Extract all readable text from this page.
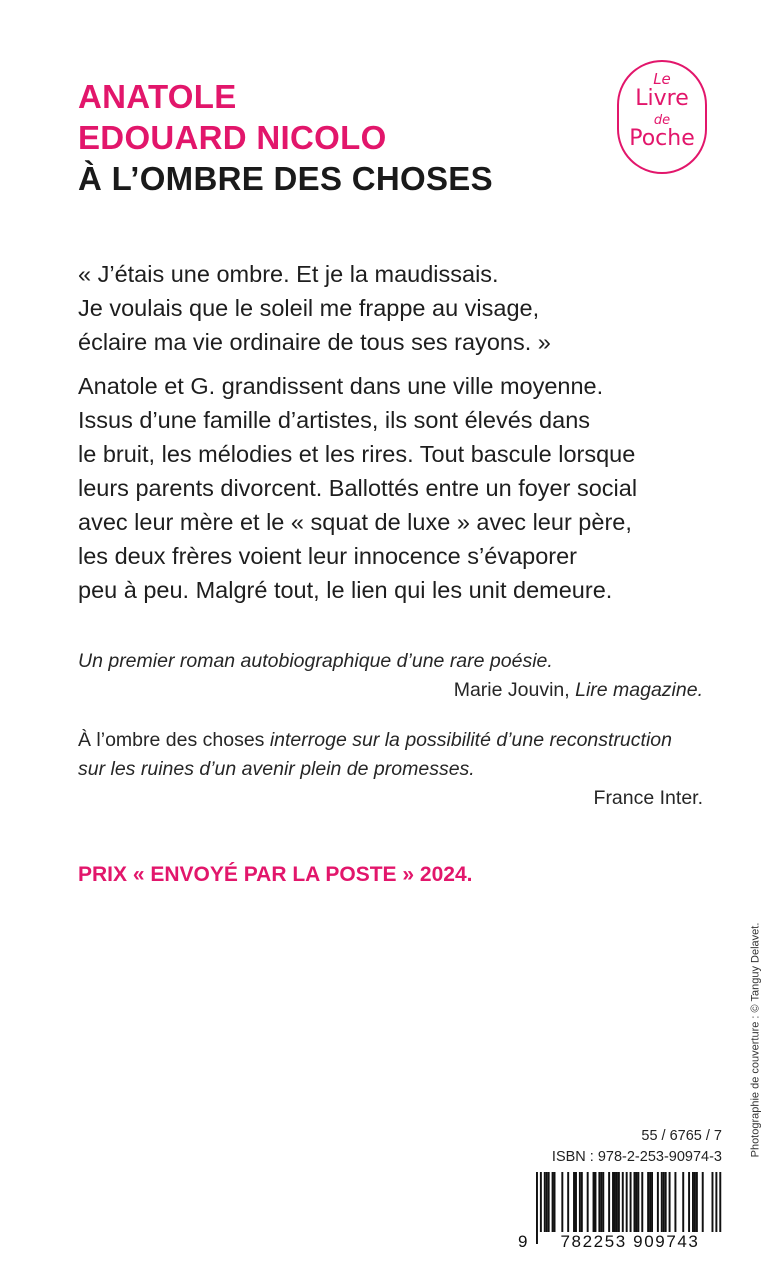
ANATOLE
EDOUARD NICOLO
À L’OMBRE DES CHOSES
Le
Livre
de
Poche
« J’étais une ombre. Et je la maudissais.
Je voulais que le soleil me frappe au visage,
éclaire ma vie ordinaire de tous ses rayons. »
Anatole et G. grandissent dans une ville moyenne.
Issus d’une famille d’artistes, ils sont élevés dans
le bruit, les mélodies et les rires. Tout bascule lorsque
leurs parents divorcent. Ballottés entre un foyer social
avec leur mère et le « squat de luxe » avec leur père,
les deux frères voient leur innocence s’évaporer
peu à peu. Malgré tout, le lien qui les unit demeure.
Un premier roman autobiographique d’une rare poésie.
Marie Jouvin, Lire magazine.
À l’ombre des choses interroge sur la possibilité d’une reconstruction
sur les ruines d’un avenir plein de promesses.
France Inter.
PRIX « ENVOYÉ PAR LA POSTE » 2024.
Photographie de couverture : © Tanguy Delavet.
55 / 6765 / 7
ISBN : 978-2-253-90974-3
9	782253 909743
